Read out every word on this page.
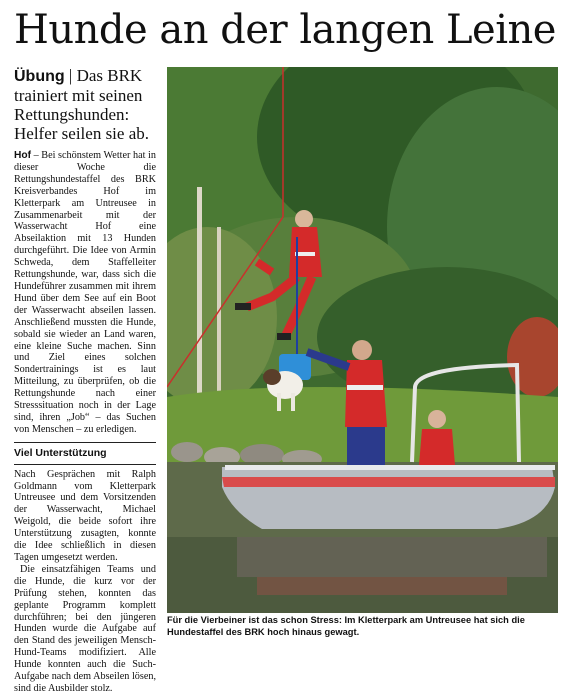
Hunde an der langen Leine

Übung | Das BRK trainiert mit seinen Rettungshunden: Helfer seilen sie ab.

Hof – Bei schönstem Wetter hat in dieser Woche die Rettungshundestaffel des BRK Kreisverbandes Hof im Kletterpark am Untreusee in Zusammenarbeit mit der Wasserwacht Hof eine Abseilaktion mit 13 Hunden durchgeführt. Die Idee von Armin Schweda, dem Staffelleiter Rettungshunde, war, dass sich die Hundeführer zusammen mit ihrem Hund über dem See auf ein Boot der Wasserwacht abseilen lassen. Anschließend mussten die Hunde, sobald sie wieder an Land waren, eine kleine Suche machen. Sinn und Ziel eines solchen Sondertrainings ist es laut Mitteilung, zu überprüfen, ob die Rettungshunde nach einer Stresssituation noch in der Lage sind, ihren „Job“ – das Suchen von Menschen – zu erledigen.

Viel Unterstützung

Nach Gesprächen mit Ralph Goldmann vom Kletterpark Untreusee und dem Vorsitzenden der Wasserwacht, Michael Weigold, die beide sofort ihre Unterstützung zusagten, konnte die Idee schließlich in diesen Tagen umgesetzt werden.

Die einsatzfähigen Teams und die Hunde, die kurz vor der Prüfung stehen, konnten das geplante Programm komplett durchführen; bei den jüngeren Hunden wurde die Aufgabe auf den Stand des jeweiligen Mensch-Hund-Teams modifiziert. Alle Hunde konnten auch die Such-Aufgabe nach dem Abseilen lösen, sind die Ausbilder stolz.

Für die Vierbeiner ist das schon Stress: Im Kletterpark am Untreusee hat sich die Hundestaffel des BRK hoch hinaus gewagt.
